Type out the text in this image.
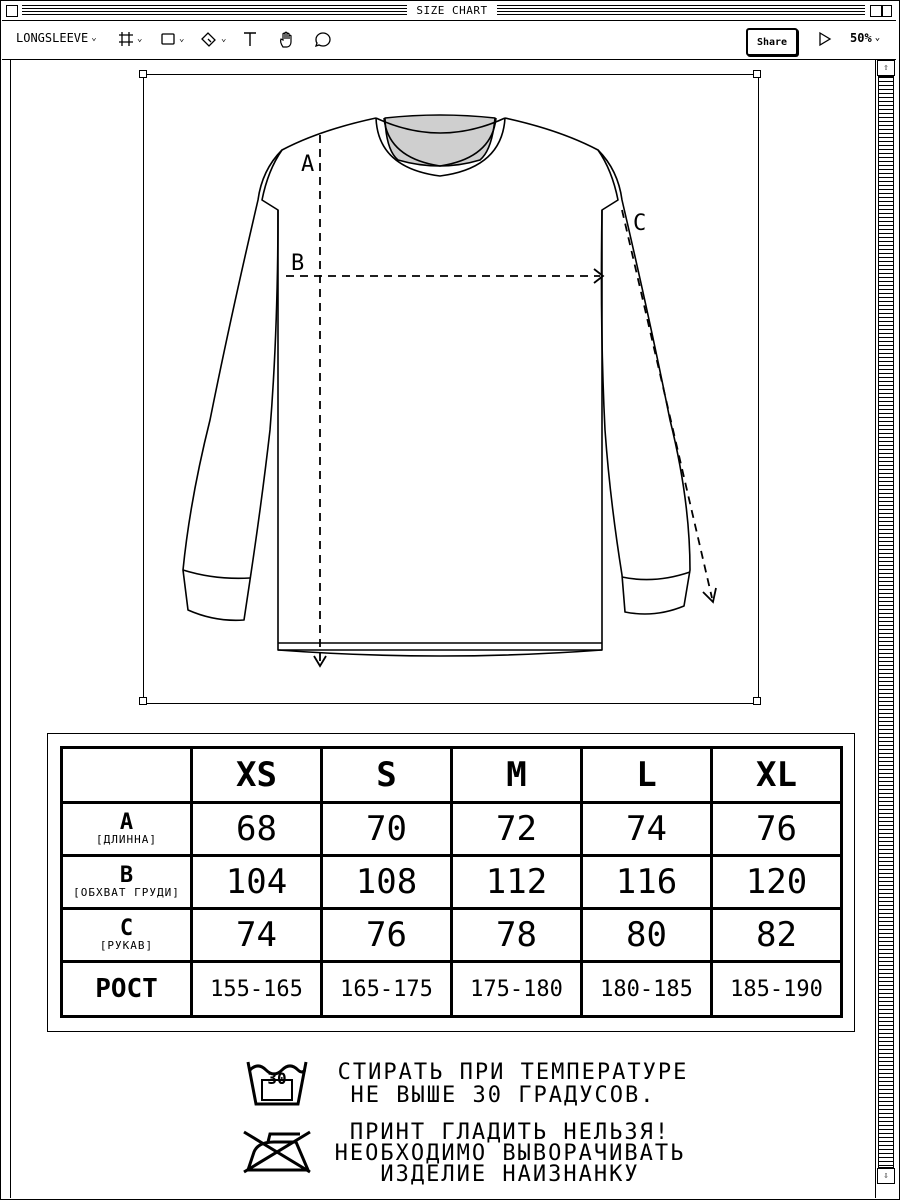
SIZE CHART
LONGSLEEVE ⌄	⌄	⌄	⌄	Share	50% ⌄
⇧
⇩
A
B
C
	XS	S	M	L	XL

A
[ДЛИННА]	68	70	72	74	76

B
[ОБХВАТ ГРУДИ]	104	108	112	116	120

C
[РУКАВ]	74	76	78	80	82
РОСТ	155-165	165-175	175-180	180-185	185-190
30	СТИРАТЬ ПРИ ТЕМПЕРАТУРЕ
НЕ ВЫШЕ 30 ГРАДУСОВ.
ПРИНТ ГЛАДИТЬ НЕЛЬЗЯ!
НЕОБХОДИМО ВЫВОРАЧИВАТЬ
ИЗДЕЛИЕ НАИЗНАНКУ
